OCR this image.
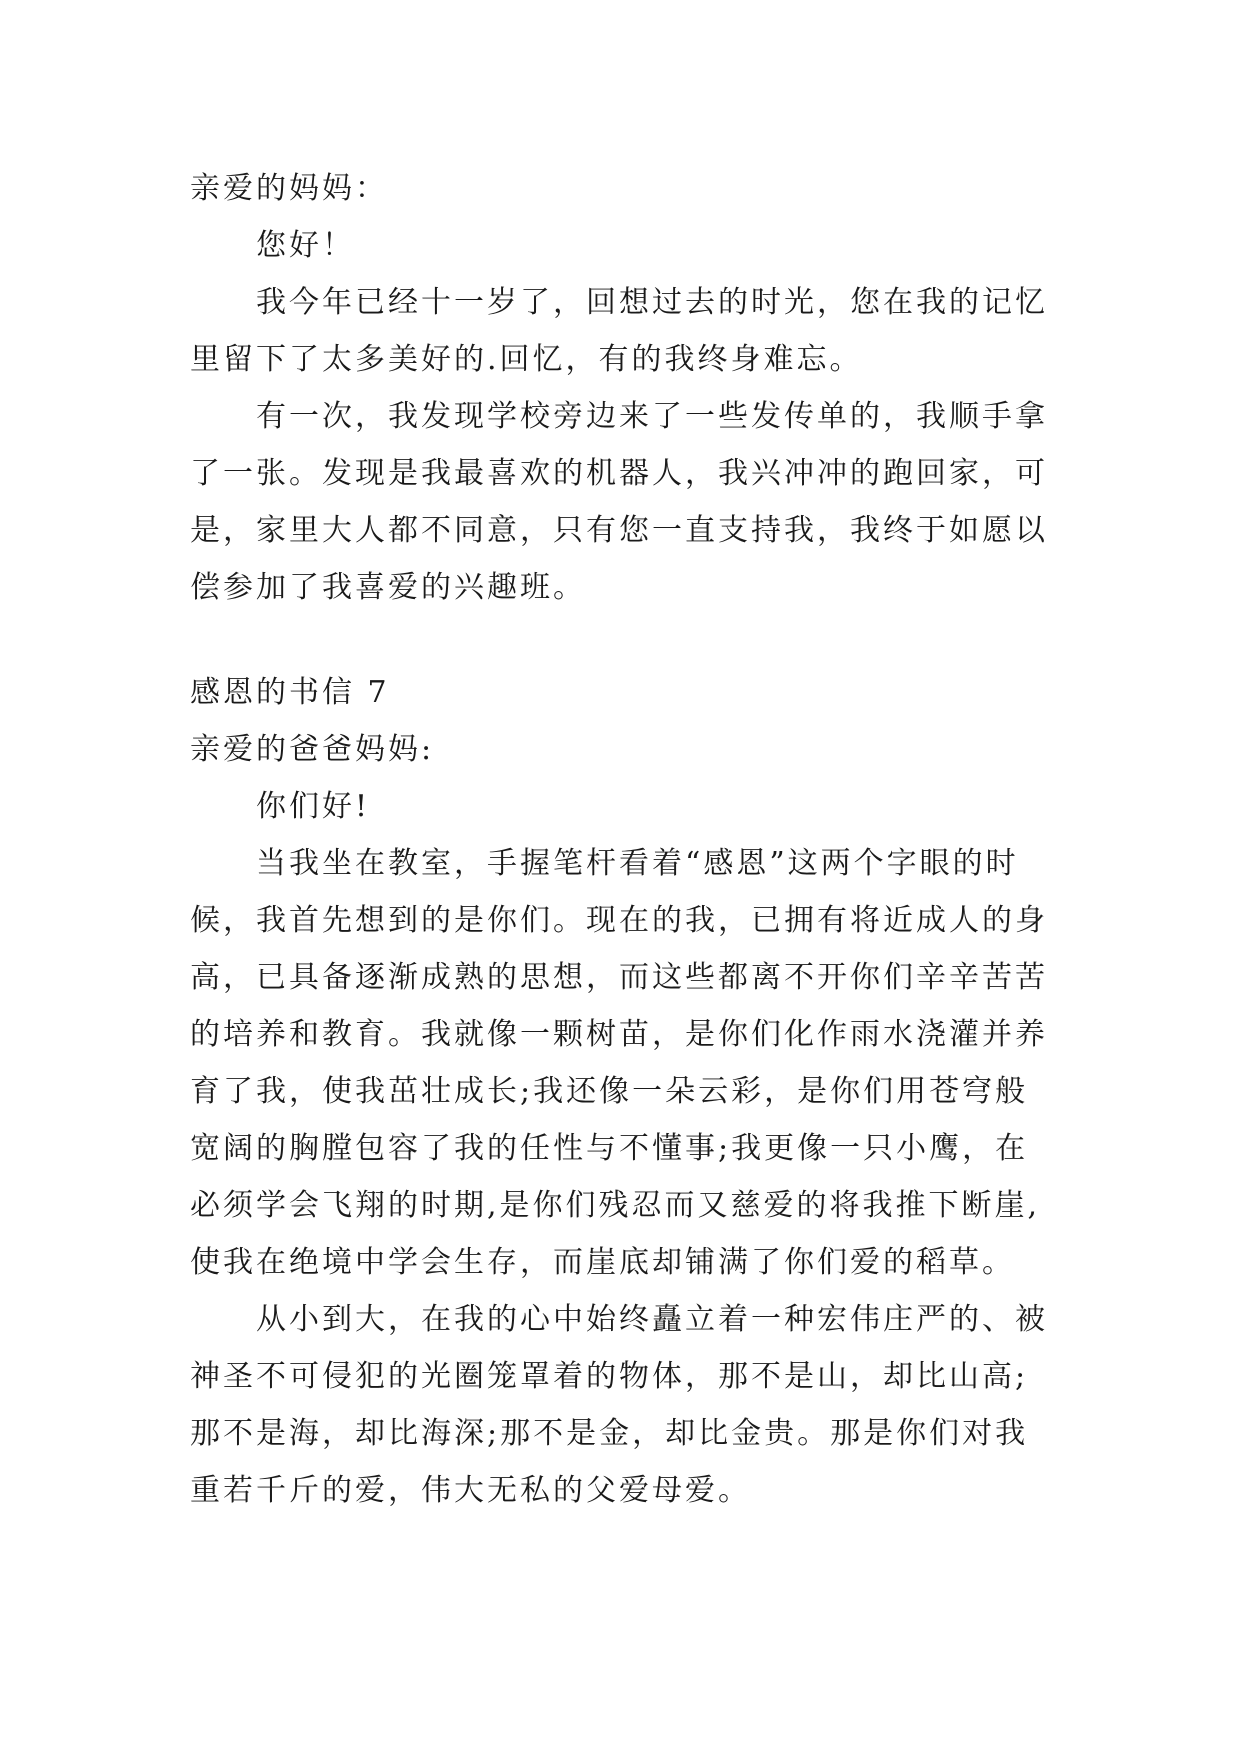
亲爱的妈妈：
您好！
我今年已经十一岁了，回想过去的时光，您在我的记忆
里留下了太多美好的.回忆，有的我终身难忘。
有一次，我发现学校旁边来了一些发传单的，我顺手拿
了一张。发现是我最喜欢的机器人，我兴冲冲的跑回家，可
是，家里大人都不同意，只有您一直支持我，我终于如愿以
偿参加了我喜爱的兴趣班。
感恩的书信 7
亲爱的爸爸妈妈:
你们好!
当我坐在教室，手握笔杆看着“感恩”这两个字眼的时
候，我首先想到的是你们。现在的我，已拥有将近成人的身
高，已具备逐渐成熟的思想，而这些都离不开你们辛辛苦苦
的培养和教育。我就像一颗树苗，是你们化作雨水浇灌并养
育了我，使我茁壮成长;我还像一朵云彩，是你们用苍穹般
宽阔的胸膛包容了我的任性与不懂事;我更像一只小鹰，在
必须学会飞翔的时期,是你们残忍而又慈爱的将我推下断崖,
使我在绝境中学会生存，而崖底却铺满了你们爱的稻草。
从小到大，在我的心中始终矗立着一种宏伟庄严的、被
神圣不可侵犯的光圈笼罩着的物体，那不是山，却比山高;
那不是海，却比海深;那不是金，却比金贵。那是你们对我
重若千斤的爱，伟大无私的父爱母爱。
